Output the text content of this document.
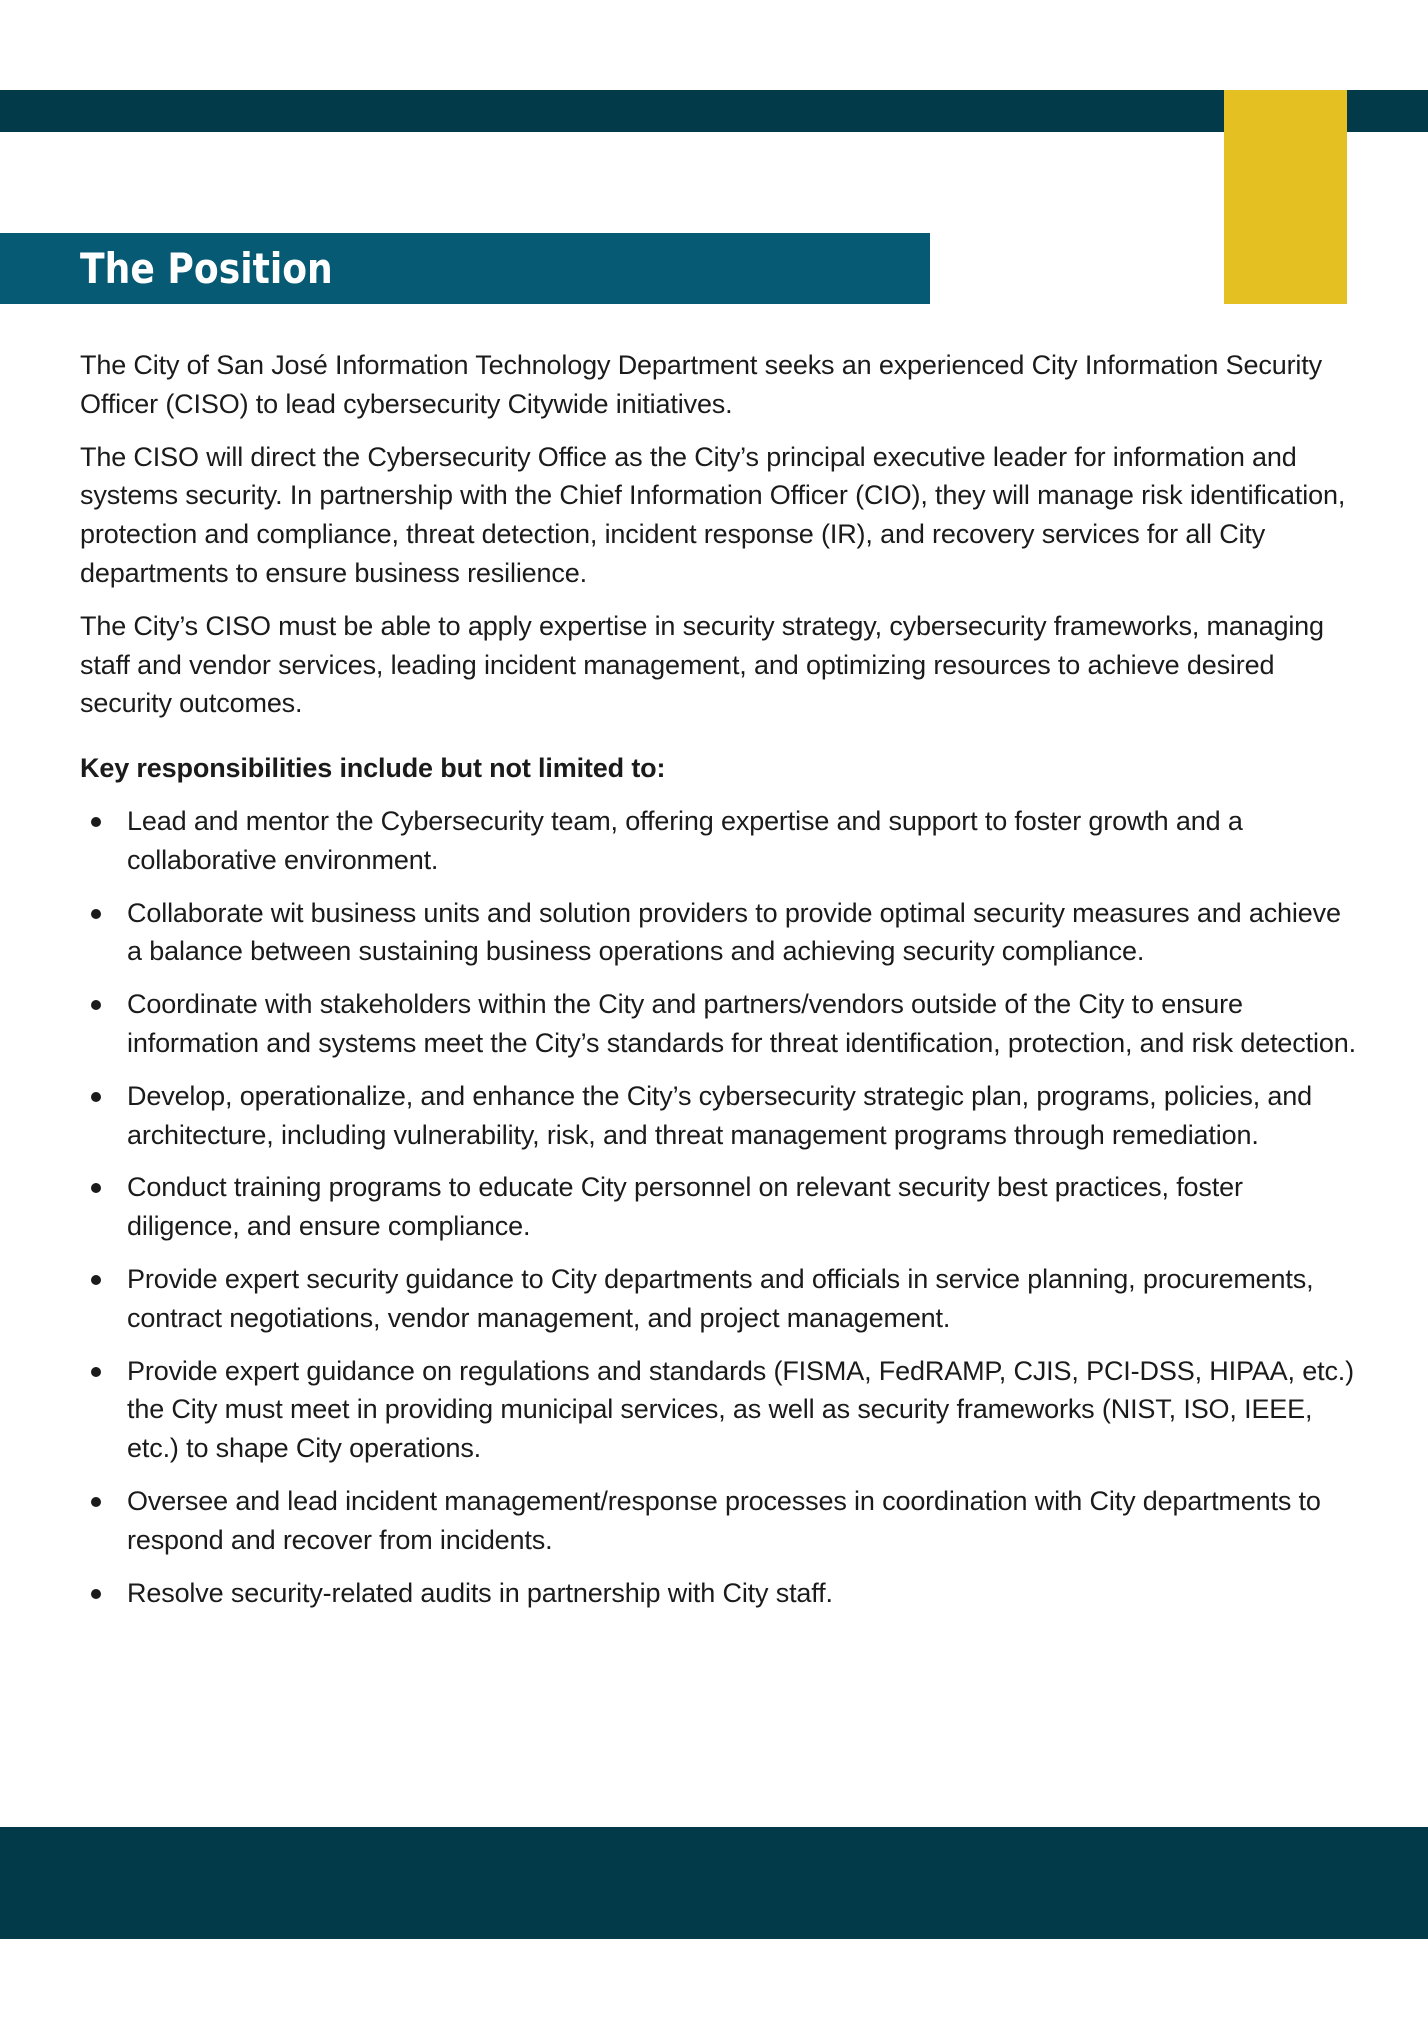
The Position

The City of San José Information Technology Department seeks an experienced City Information Security Officer (CISO) to lead cybersecurity Citywide initiatives.

The CISO will direct the Cybersecurity Office as the City’s principal executive leader for information and systems security. In partnership with the Chief Information Officer (CIO), they will manage risk identification, protection and compliance, threat detection, incident response (IR), and recovery services for all City departments to ensure business resilience.

The City’s CISO must be able to apply expertise in security strategy, cybersecurity frameworks, managing staff and vendor services, leading incident management, and optimizing resources to achieve desired security outcomes.

Key responsibilities include but not limited to:

Lead and mentor the Cybersecurity team, offering expertise and support to foster growth and a collaborative environment.
Collaborate wit business units and solution providers to provide optimal security measures and achieve a balance between sustaining business operations and achieving security compliance.
Coordinate with stakeholders within the City and partners/vendors outside of the City to ensure information and systems meet the City’s standards for threat identification, protection, and risk detection.
Develop, operationalize, and enhance the City’s cybersecurity strategic plan, programs, policies, and architecture, including vulnerability, risk, and threat management programs through remediation.
Conduct training programs to educate City personnel on relevant security best practices, foster diligence, and ensure compliance.
Provide expert security guidance to City departments and officials in service planning, procurements, contract negotiations, vendor management, and project management.
Provide expert guidance on regulations and standards (FISMA, FedRAMP, CJIS, PCI-DSS, HIPAA, etc.) the City must meet in providing municipal services, as well as security frameworks (NIST, ISO, IEEE, etc.) to shape City operations.
Oversee and lead incident management/response processes in coordination with City departments to respond and recover from incidents.
Resolve security-related audits in partnership with City staff.
